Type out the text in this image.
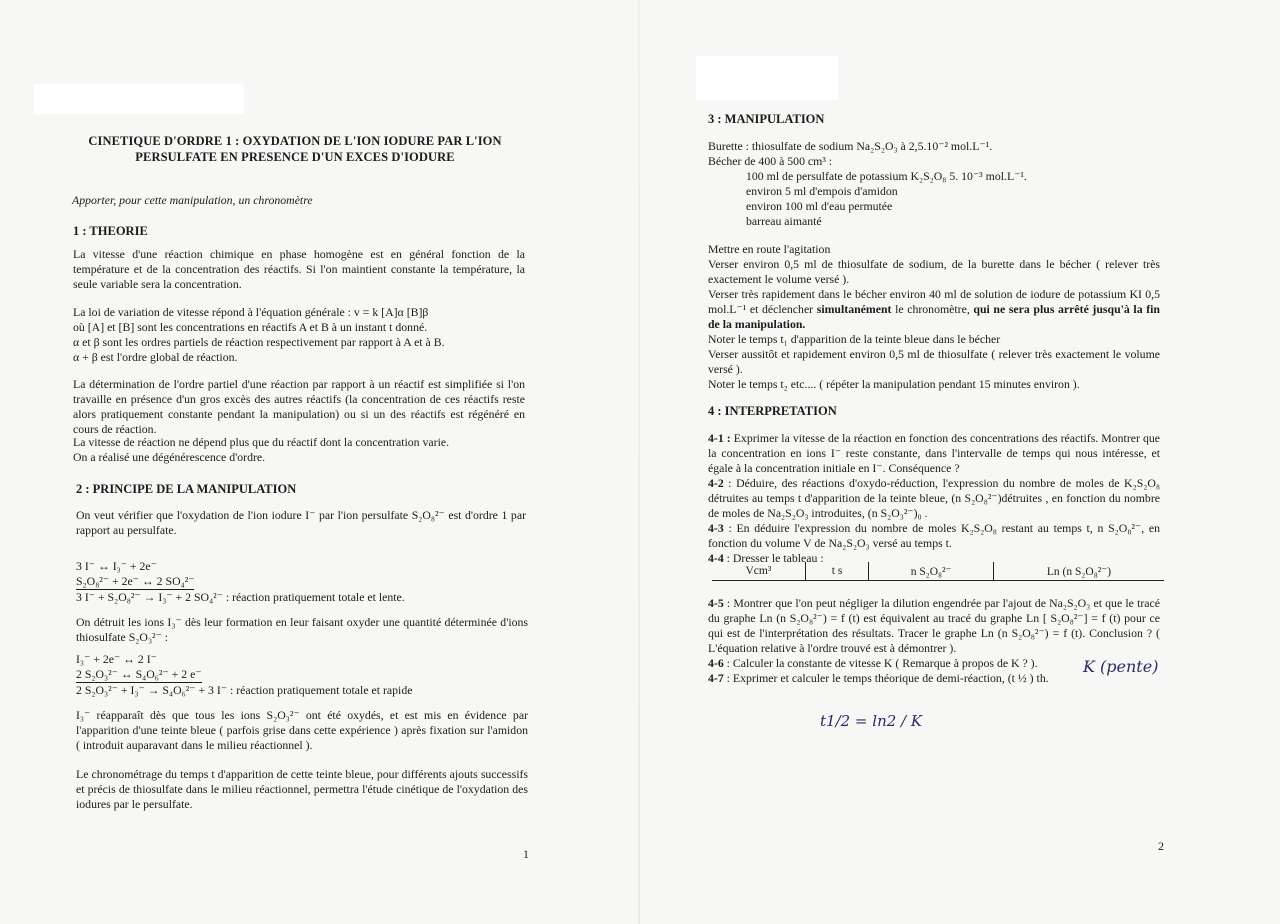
CINETIQUE D'ORDRE 1 : OXYDATION DE L'ION IODURE PAR L'ION
PERSULFATE EN PRESENCE D'UN EXCES D'IODURE
Apporter, pour cette manipulation, un chronomètre
1 : THEORIE
La vitesse d'une réaction chimique en phase homogène est en général fonction de la température et de la concentration des réactifs. Si l'on maintient constante la température, la seule variable sera la concentration.
La loi de variation de vitesse répond à l'équation générale : v = k [A]α [B]β
où [A] et [B] sont les concentrations en réactifs A et B à un instant t donné.
α et β sont les ordres partiels de réaction respectivement par rapport à A et à B.
α + β est l'ordre global de réaction.
La détermination de l'ordre partiel d'une réaction par rapport à un réactif est simplifiée si l'on travaille en présence d'un gros excès des autres réactifs (la concentration de ces réactifs reste alors pratiquement constante pendant la manipulation) ou si un des réactifs est régénéré en cours de réaction.
La vitesse de réaction ne dépend plus que du réactif dont la concentration varie.
On a réalisé une dégénérescence d'ordre.
2 : PRINCIPE DE LA MANIPULATION
On veut vérifier que l'oxydation de l'ion iodure I⁻ par l'ion persulfate S₂O₈²⁻ est d'ordre 1 par rapport au persulfate.
3 I⁻ ↔ I₃⁻ + 2e⁻
S₂O₈²⁻ + 2e⁻ ↔ 2 SO₄²⁻
3 I⁻ + S₂O₈²⁻ → I₃⁻ + 2 SO₄²⁻ : réaction pratiquement totale et lente.
On détruit les ions I₃⁻ dès leur formation en leur faisant oxyder une quantité déterminée d'ions thiosulfate S₂O₃²⁻ :
I₃⁻ + 2e⁻ ↔ 2 I⁻
2 S₂O₃²⁻ ↔ S₄O₆²⁻ + 2 e⁻
2 S₂O₃²⁻ + I₃⁻ → S₄O₆²⁻ + 3 I⁻ : réaction pratiquement totale et rapide
I₃⁻ réapparaît dès que tous les ions S₂O₃²⁻ ont été oxydés, et est mis en évidence par l'apparition d'une teinte bleue ( parfois grise dans cette expérience ) après fixation sur l'amidon ( introduit auparavant dans le milieu réactionnel ).
Le chronométrage du temps t d'apparition de cette teinte bleue, pour différents ajouts successifs et précis de thiosulfate dans le milieu réactionnel, permettra l'étude cinétique de l'oxydation des iodures par le persulfate.
1
3 : MANIPULATION
Burette : thiosulfate de sodium Na₂S₂O₃ à 2,5.10⁻² mol.L⁻¹.
Bécher de 400 à 500 cm³ :
100 ml de persulfate de potassium K₂S₂O₈ 5. 10⁻³ mol.L⁻¹.
environ 5 ml d'empois d'amidon
environ 100 ml d'eau permutée
barreau aimanté
Mettre en route l'agitation
Verser environ 0,5 ml de thiosulfate de sodium, de la burette dans le bécher ( relever très exactement le volume versé ).
Verser très rapidement dans le bécher environ 40 ml de solution de iodure de potassium KI 0,5 mol.L⁻¹ et déclencher simultanément le chronomètre, qui ne sera plus arrêté jusqu'à la fin de la manipulation.
Noter le temps t₁ d'apparition de la teinte bleue dans le bécher
Verser aussitôt et rapidement environ 0,5 ml de thiosulfate ( relever très exactement le volume versé ).
Noter le temps t₂ etc.... ( répéter la manipulation pendant 15 minutes environ ).
4 : INTERPRETATION
4-1 : Exprimer la vitesse de la réaction en fonction des concentrations des réactifs. Montrer que la concentration en ions I⁻ reste constante, dans l'intervalle de temps qui nous intéresse, et égale à la concentration initiale en I⁻. Conséquence ?
4-2 : Déduire, des réactions d'oxydo-réduction, l'expression du nombre de moles de K₂S₂O₈ détruites au temps t d'apparition de la teinte bleue, (n S₂O₈²⁻)détruites , en fonction du nombre de moles de Na₂S₂O₃ introduites, (n S₂O₃²⁻)₀ .
4-3 : En déduire l'expression du nombre de moles K₂S₂O₈ restant au temps t, n S₂O₈²⁻, en fonction du volume V de Na₂S₂O₃ versé au temps t.
4-4 : Dresser le tableau :
Vcm³	t s	n S₂O₈²⁻	Ln (n S₂O₈²⁻)
4-5 : Montrer que l'on peut négliger la dilution engendrée par l'ajout de Na₂S₂O₃ et que le tracé du graphe Ln (n S₂O₈²⁻) = f (t) est équivalent au tracé du graphe Ln [ S₂O₈²⁻] = f (t) pour ce qui est de l'interprétation des résultats. Tracer le graphe Ln (n S₂O₈²⁻) = f (t). Conclusion ? ( L'équation relative à l'ordre trouvé est à démontrer ).
4-6 : Calculer la constante de vitesse K ( Remarque à propos de K ? ).
4-7 : Exprimer et calculer le temps théorique de demi-réaction, (t ½ ) th.
K (pente)
t1/2 = ln2 / K
2
